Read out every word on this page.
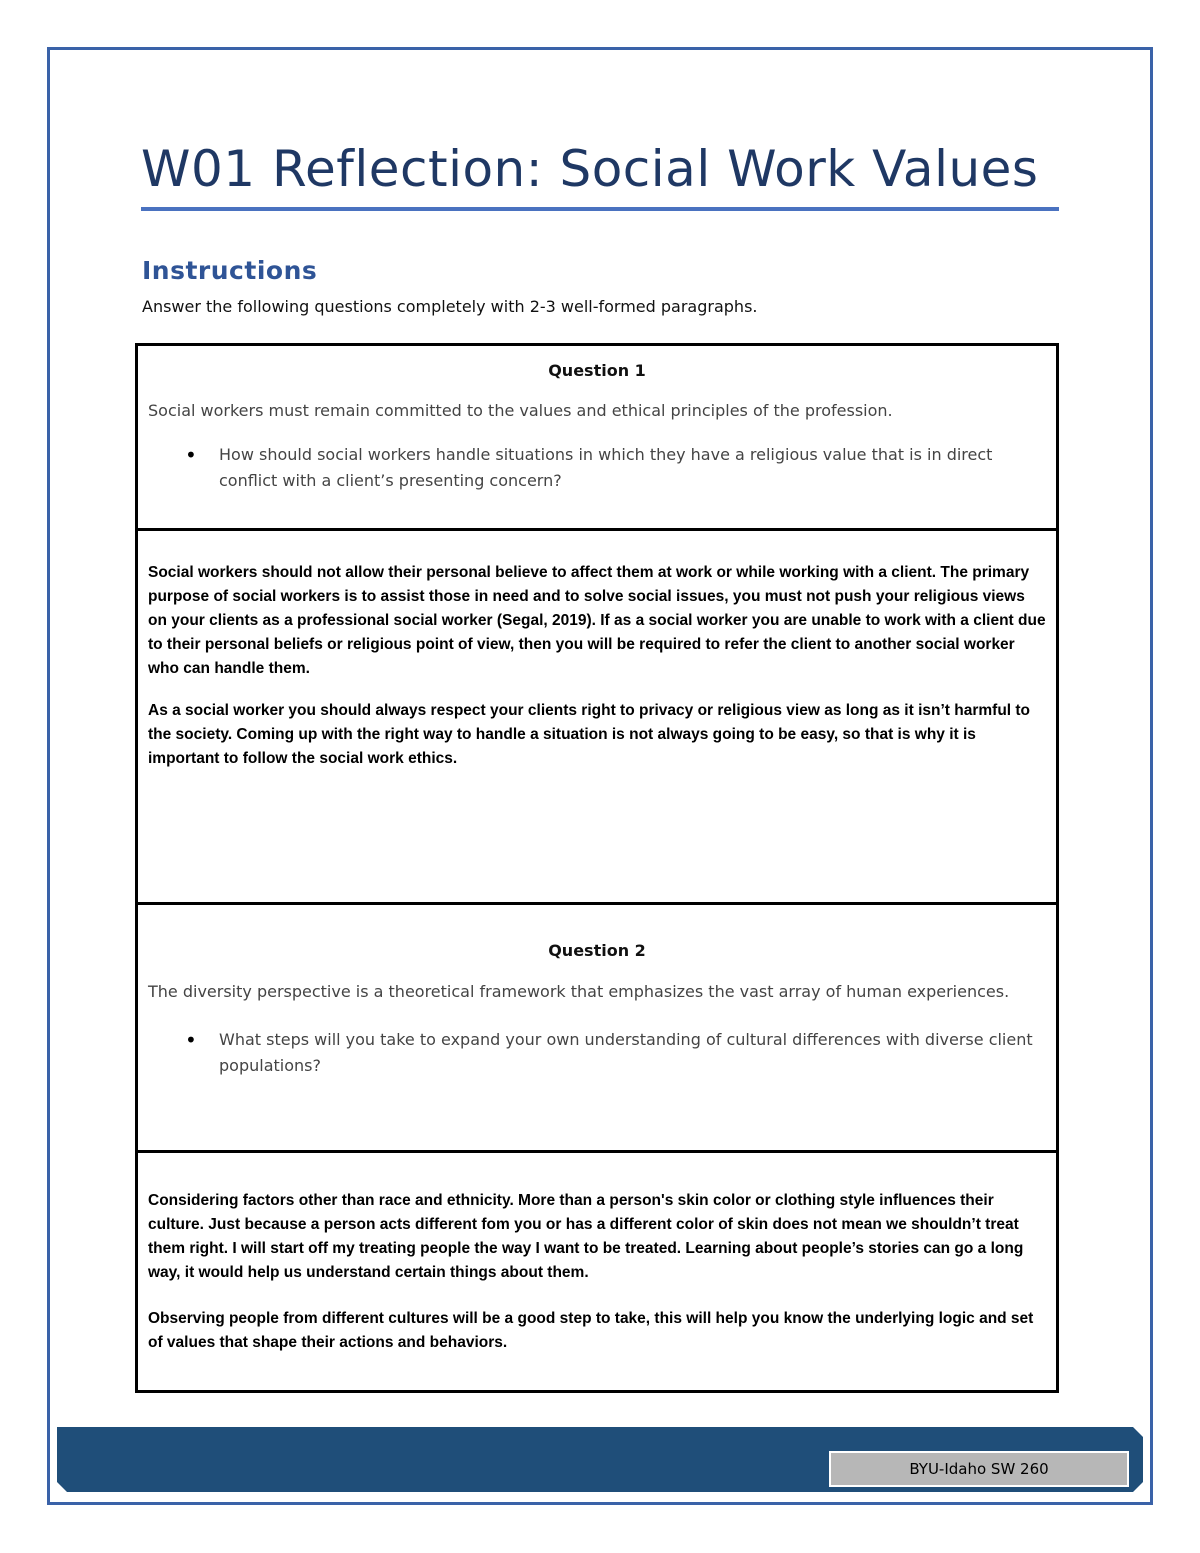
W01 Reflection: Social Work Values
Instructions

Answer the following questions completely with 2-3 well-formed paragraphs.

Question 1

Social workers must remain committed to the values and ethical principles of the profession.

• How should social workers handle situations in which they have a religious value that is in direct conflict with a client’s presenting concern?

Social workers should not allow their personal believe to affect them at work or while working with a client. The primary purpose of social workers is to assist those in need and to solve social issues, you must not push your religious views on your clients as a professional social worker (Segal, 2019). If as a social worker you are unable to work with a client due to their personal beliefs or religious point of view, then you will be required to refer the client to another social worker who can handle them.

As a social worker you should always respect your clients right to privacy or religious view as long as it isn’t harmful to the society. Coming up with the right way to handle a situation is not always going to be easy, so that is why it is important to follow the social work ethics.

Question 2

The diversity perspective is a theoretical framework that emphasizes the vast array of human experiences.

• What steps will you take to expand your own understanding of cultural differences with diverse client populations?

Considering factors other than race and ethnicity. More than a person's skin color or clothing style influences their culture. Just because a person acts different fom you or has a different color of skin does not mean we shouldn’t treat them right. I will start off my treating people the way I want to be treated. Learning about people’s stories can go a long way, it would help us understand certain things about them.

Observing people from different cultures will be a good step to take, this will help you know the underlying logic and set of values that shape their actions and behaviors.

BYU-Idaho SW 260
